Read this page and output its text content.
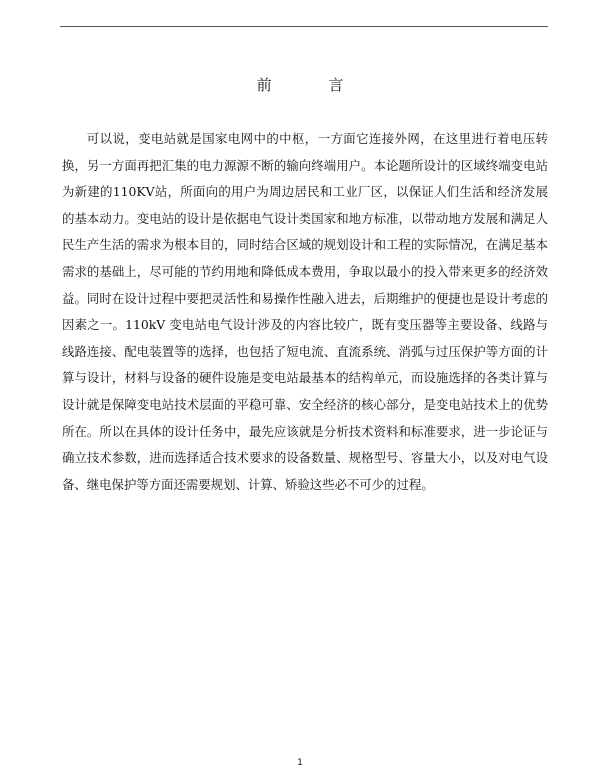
前 言

可以说，变电站就是国家电网中的中枢，一方面它连接外网，在这里进行着电压转换，另一方面再把汇集的电力源源不断的输向终端用户。本论题所设计的区域终端变电站为新建的110KV站，所面向的用户为周边居民和工业厂区，以保证人们生活和经济发展的基本动力。变电站的设计是依据电气设计类国家和地方标准，以带动地方发展和满足人民生产生活的需求为根本目的，同时结合区域的规划设计和工程的实际情况，在满足基本需求的基础上，尽可能的节约用地和降低成本费用，争取以最小的投入带来更多的经济效益。同时在设计过程中要把灵活性和易操作性融入进去，后期维护的便捷也是设计考虑的因素之一。110kV 变电站电气设计涉及的内容比较广，既有变压器等主要设备、线路与线路连接、配电装置等的选择，也包括了短电流、直流系统、消弧与过压保护等方面的计算与设计，材料与设备的硬件设施是变电站最基本的结构单元，而设施选择的各类计算与设计就是保障变电站技术层面的平稳可靠、安全经济的核心部分，是变电站技术上的优势所在。所以在具体的设计任务中，最先应该就是分析技术资料和标准要求，进一步论证与确立技术参数，进而选择适合技术要求的设备数量、规格型号、容量大小，以及对电气设备、继电保护等方面还需要规划、计算、矫验这些必不可少的过程。

1
